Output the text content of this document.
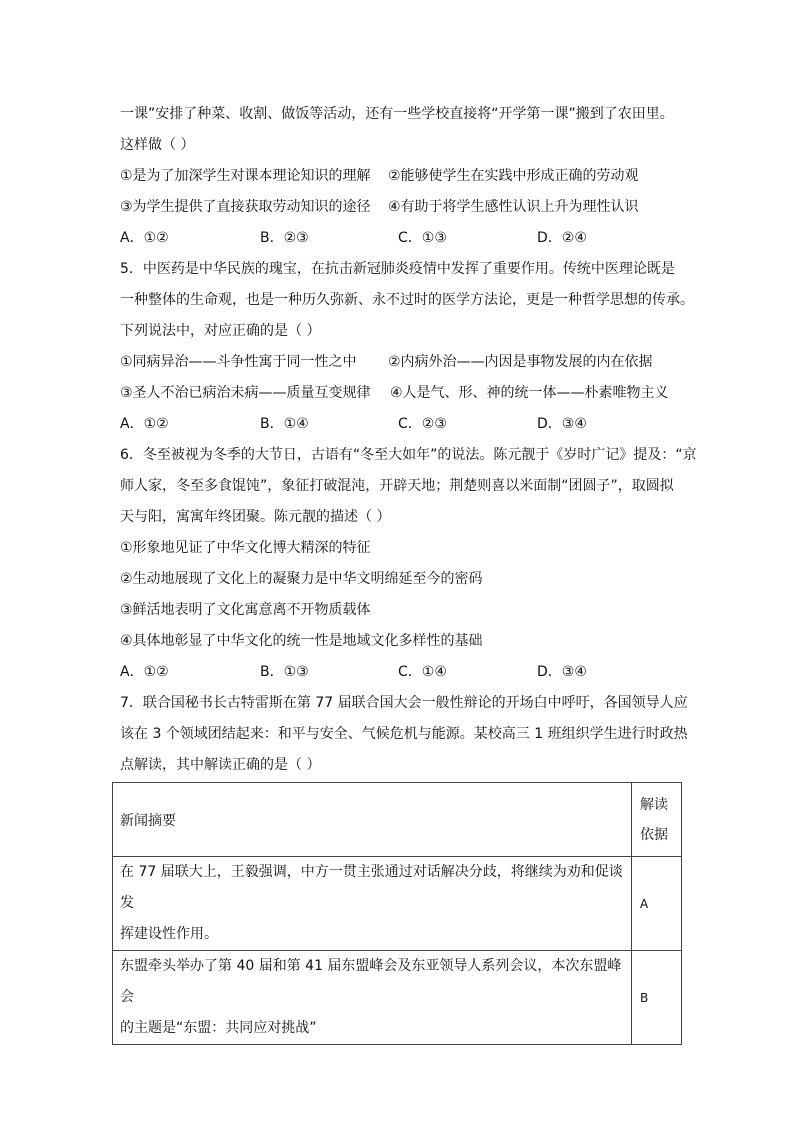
一课”安排了种菜、收割、做饭等活动，还有一些学校直接将“开学第一课”搬到了农田里。
这样做（ ）
①是为了加深学生对课本理论知识的理解 ②能够使学生在实践中形成正确的劳动观
③为学生提供了直接获取劳动知识的途径 ④有助于将学生感性认识上升为理性认识
A．①②	B．②③	C．①③	D．②④
5．中医药是中华民族的瑰宝，在抗击新冠肺炎疫情中发挥了重要作用。传统中医理论既是
一种整体的生命观，也是一种历久弥新、永不过时的医学方法论，更是一种哲学思想的传承。
下列说法中，对应正确的是（ ）
①同病异治——斗争性寓于同一性之中 ②内病外治——内因是事物发展的内在依据
③圣人不治已病治未病——质量互变规律 ④人是气、形、神的统一体——朴素唯物主义
A．①②	B．①④	C．②③	D．③④
6．冬至被视为冬季的大节日，古语有“冬至大如年”的说法。陈元靓于《岁时广记》提及：“京
师人家，冬至多食馄饨”，象征打破混沌，开辟天地；荆楚则喜以米面制“团圆子”，取圆拟
天与阳，寓寓年终团聚。陈元靓的描述（ ）
①形象地见证了中华文化博大精深的特征
②生动地展现了文化上的凝聚力是中华文明绵延至今的密码
③鲜活地表明了文化寓意离不开物质载体
④具体地彰显了中华文化的统一性是地域文化多样性的基础
A．①②	B．①③	C．①④	D．③④
7．联合国秘书长古特雷斯在第 77 届联合国大会一般性辩论的开场白中呼吁，各国领导人应
该在 3 个领域团结起来：和平与安全、气候危机与能源。某校高三 1 班组织学生进行时政热
点解读，其中解读正确的是（ ）
新闻摘要	解读
依据

在 77 届联大上，王毅强调，中方一贯主张通过对话解决分歧，将继续为劝和促谈发
挥建设性作用。	A

东盟牵头举办了第 40 届和第 41 届东盟峰会及东亚领导人系列会议，本次东盟峰会
的主题是“东盟：共同应对挑战”	B
